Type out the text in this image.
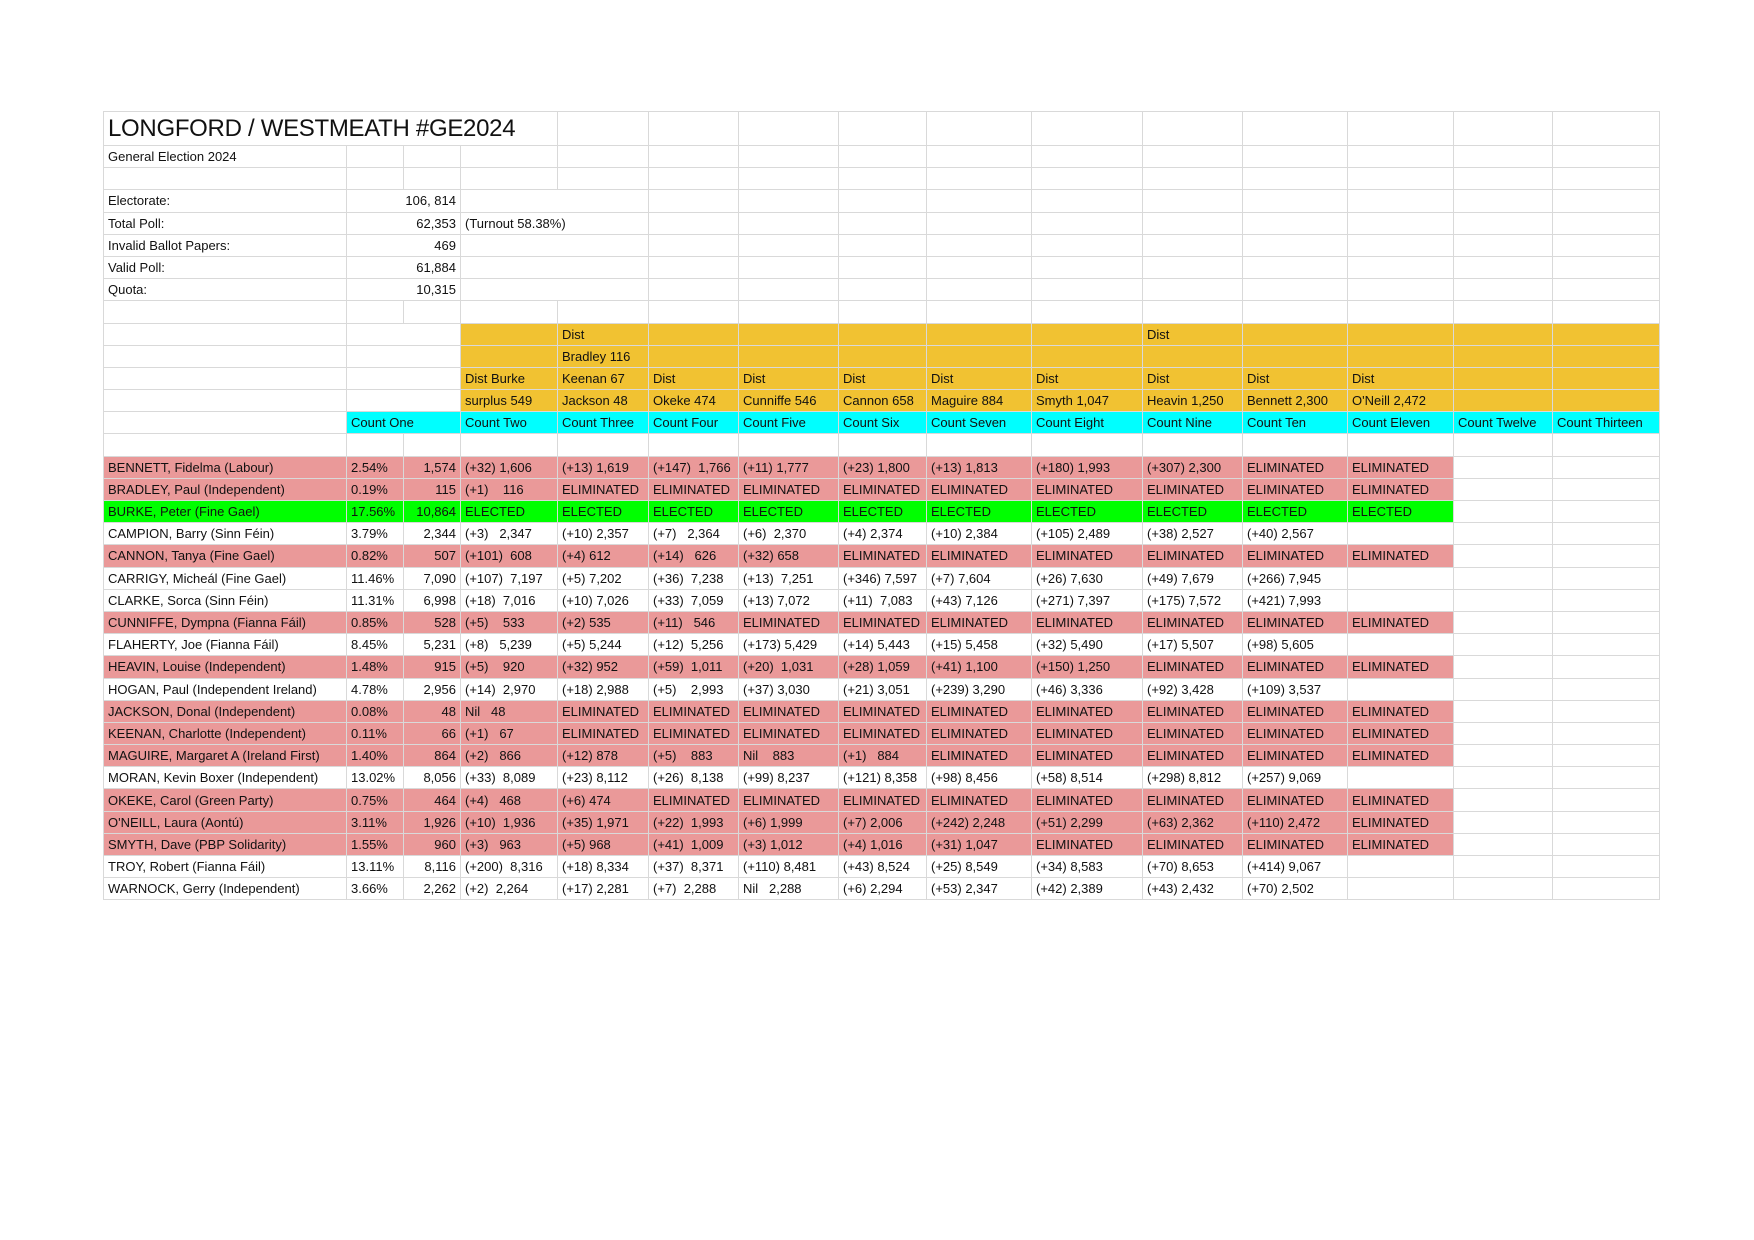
LONGFORD / WESTMEATH #GE2024														
General Election 2024														

Electorate:	106, 814													
Total Poll:	62,353		(Turnout 58.38%)											
Invalid Ballot Papers:	469													
Valid Poll:	61,884													
Quota:	10,315													

				Dist						Dist				
				Bradley 116										
			Dist Burke	Keenan 67	Dist	Dist	Dist	Dist	Dist	Dist	Dist	Dist		
			surplus 549	Jackson 48	Okeke 474	Cunniffe 546	Cannon 658	Maguire 884	Smyth 1,047	Heavin 1,250	Bennett 2,300	O'Neill 2,472		
	Count One		Count Two	Count Three	Count Four	Count Five	Count Six	Count Seven	Count Eight	Count Nine	Count Ten	Count Eleven	Count Twelve	Count Thirteen

BENNETT, Fidelma (Labour)	2.54%	1,574	(+32) 1,606	(+13) 1,619	(+147)  1,766	(+11) 1,777	(+23) 1,800	(+13) 1,813	(+180) 1,993	(+307) 2,300	ELIMINATED	ELIMINATED		
BRADLEY, Paul (Independent)	0.19%	115	(+1)    116	ELIMINATED	ELIMINATED	ELIMINATED	ELIMINATED	ELIMINATED	ELIMINATED	ELIMINATED	ELIMINATED	ELIMINATED		
BURKE, Peter (Fine Gael)	17.56%	10,864	ELECTED	ELECTED	ELECTED	ELECTED	ELECTED	ELECTED	ELECTED	ELECTED	ELECTED	ELECTED		
CAMPION, Barry (Sinn Féin)	3.79%	2,344	(+3)   2,347	(+10) 2,357	(+7)   2,364	(+6)  2,370	(+4) 2,374	(+10) 2,384	(+105) 2,489	(+38) 2,527	(+40) 2,567			
CANNON, Tanya (Fine Gael)	0.82%	507	(+101)  608	(+4) 612	(+14)   626	(+32) 658	ELIMINATED	ELIMINATED	ELIMINATED	ELIMINATED	ELIMINATED	ELIMINATED		
CARRIGY, Micheál (Fine Gael)	11.46%	7,090	(+107)  7,197	(+5) 7,202	(+36)  7,238	(+13)  7,251	(+346) 7,597	(+7) 7,604	(+26) 7,630	(+49) 7,679	(+266) 7,945			
CLARKE, Sorca (Sinn Féin)	11.31%	6,998	(+18)  7,016	(+10) 7,026	(+33)  7,059	(+13) 7,072	(+11)  7,083	(+43) 7,126	(+271) 7,397	(+175) 7,572	(+421) 7,993			
CUNNIFFE, Dympna (Fianna Fáil)	0.85%	528	(+5)    533	(+2) 535	(+11)   546	ELIMINATED	ELIMINATED	ELIMINATED	ELIMINATED	ELIMINATED	ELIMINATED	ELIMINATED		
FLAHERTY, Joe (Fianna Fáil)	8.45%	5,231	(+8)   5,239	(+5) 5,244	(+12)  5,256	(+173) 5,429	(+14) 5,443	(+15) 5,458	(+32) 5,490	(+17) 5,507	(+98) 5,605			
HEAVIN, Louise (Independent)	1.48%	915	(+5)    920	(+32) 952	(+59)  1,011	(+20)  1,031	(+28) 1,059	(+41) 1,100	(+150) 1,250	ELIMINATED	ELIMINATED	ELIMINATED		
HOGAN, Paul (Independent Ireland)	4.78%	2,956	(+14)  2,970	(+18) 2,988	(+5)    2,993	(+37) 3,030	(+21) 3,051	(+239) 3,290	(+46) 3,336	(+92) 3,428	(+109) 3,537			
JACKSON, Donal (Independent)	0.08%	48	Nil   48	ELIMINATED	ELIMINATED	ELIMINATED	ELIMINATED	ELIMINATED	ELIMINATED	ELIMINATED	ELIMINATED	ELIMINATED		
KEENAN, Charlotte (Independent)	0.11%	66	(+1)   67	ELIMINATED	ELIMINATED	ELIMINATED	ELIMINATED	ELIMINATED	ELIMINATED	ELIMINATED	ELIMINATED	ELIMINATED		
MAGUIRE, Margaret A (Ireland First)	1.40%	864	(+2)   866	(+12) 878	(+5)    883	Nil    883	(+1)   884	ELIMINATED	ELIMINATED	ELIMINATED	ELIMINATED	ELIMINATED		
MORAN, Kevin Boxer (Independent)	13.02%	8,056	(+33)  8,089	(+23) 8,112	(+26)  8,138	(+99) 8,237	(+121) 8,358	(+98) 8,456	(+58) 8,514	(+298) 8,812	(+257) 9,069			
OKEKE, Carol (Green Party)	0.75%	464	(+4)   468	(+6) 474	ELIMINATED	ELIMINATED	ELIMINATED	ELIMINATED	ELIMINATED	ELIMINATED	ELIMINATED	ELIMINATED		
O'NEILL, Laura (Aontú)	3.11%	1,926	(+10)  1,936	(+35) 1,971	(+22)  1,993	(+6) 1,999	(+7) 2,006	(+242) 2,248	(+51) 2,299	(+63) 2,362	(+110) 2,472	ELIMINATED		
SMYTH, Dave (PBP Solidarity)	1.55%	960	(+3)   963	(+5) 968	(+41)  1,009	(+3) 1,012	(+4) 1,016	(+31) 1,047	ELIMINATED	ELIMINATED	ELIMINATED	ELIMINATED		
TROY, Robert (Fianna Fáil)	13.11%	8,116	(+200)  8,316	(+18) 8,334	(+37)  8,371	(+110) 8,481	(+43) 8,524	(+25) 8,549	(+34) 8,583	(+70) 8,653	(+414) 9,067			
WARNOCK, Gerry (Independent)	3.66%	2,262	(+2)  2,264	(+17) 2,281	(+7)  2,288	Nil   2,288	(+6) 2,294	(+53) 2,347	(+42) 2,389	(+43) 2,432	(+70) 2,502			
